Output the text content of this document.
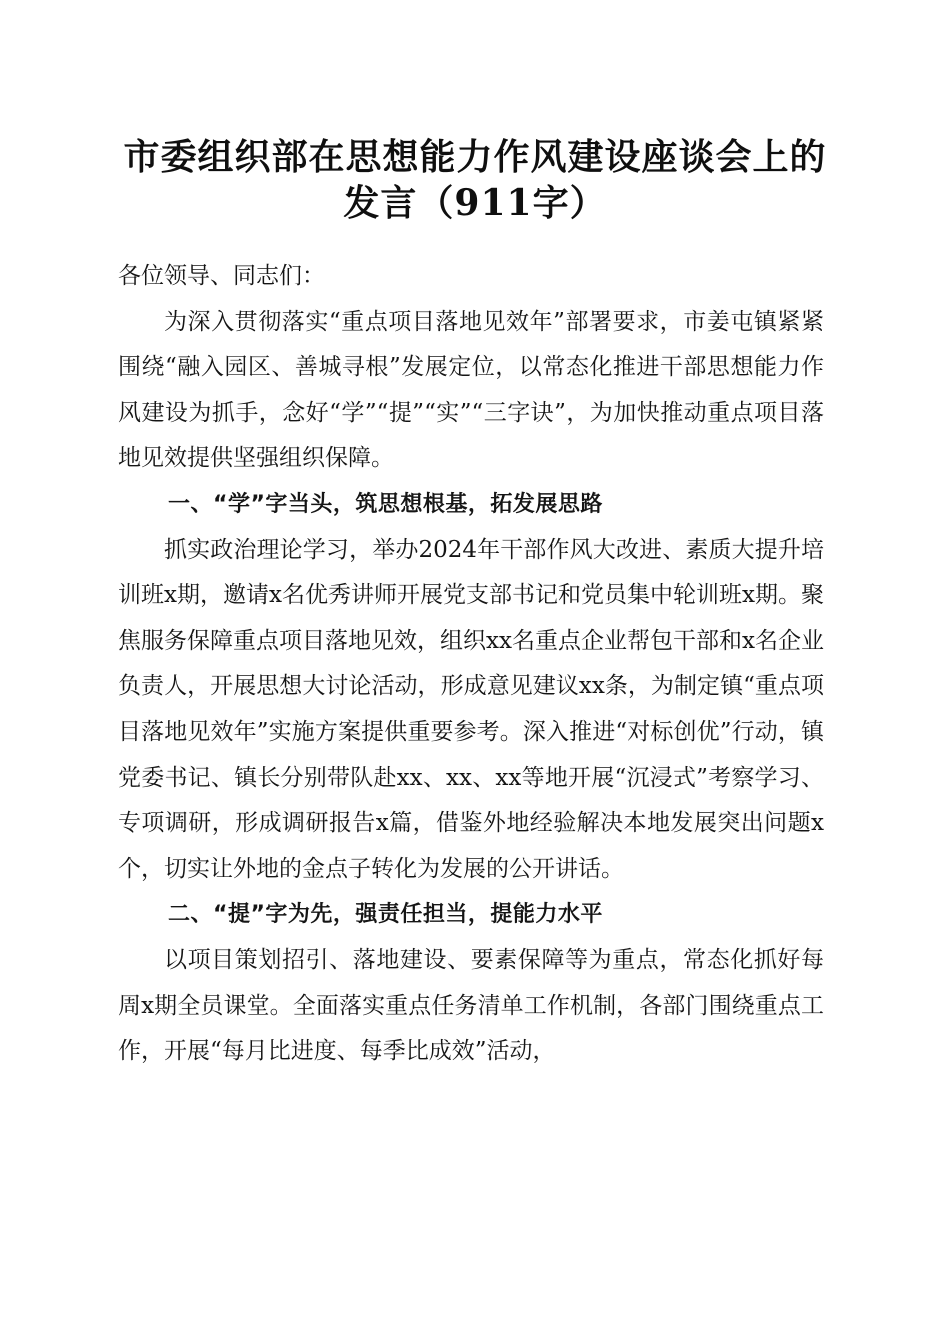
市委组织部在思想能力作风建设座谈会上的发言（911字）

各位领导、同志们：

为深入贯彻落实“重点项目落地见效年”部署要求，市姜屯镇紧紧围绕“融入园区、善城寻根”发展定位，以常态化推进干部思想能力作风建设为抓手，念好“学”“提”“实”“三字诀”，为加快推动重点项目落地见效提供坚强组织保障。

一、“学”字当头，筑思想根基，拓发展思路

抓实政治理论学习，举办2024年干部作风大改进、素质大提升培训班x期，邀请x名优秀讲师开展党支部书记和党员集中轮训班x期。聚焦服务保障重点项目落地见效，组织xx名重点企业帮包干部和x名企业负责人，开展思想大讨论活动，形成意见建议xx条，为制定镇“重点项目落地见效年”实施方案提供重要参考。深入推进“对标创优”行动，镇党委书记、镇长分别带队赴xx、xx、xx等地开展“沉浸式”考察学习、专项调研，形成调研报告x篇，借鉴外地经验解决本地发展突出问题x个，切实让外地的金点子转化为发展的公开讲话。

二、“提”字为先，强责任担当，提能力水平

以项目策划招引、落地建设、要素保障等为重点，常态化抓好每周x期全员课堂。全面落实重点任务清单工作机制，各部门围绕重点工作，开展“每月比进度、每季比成效”活动，
